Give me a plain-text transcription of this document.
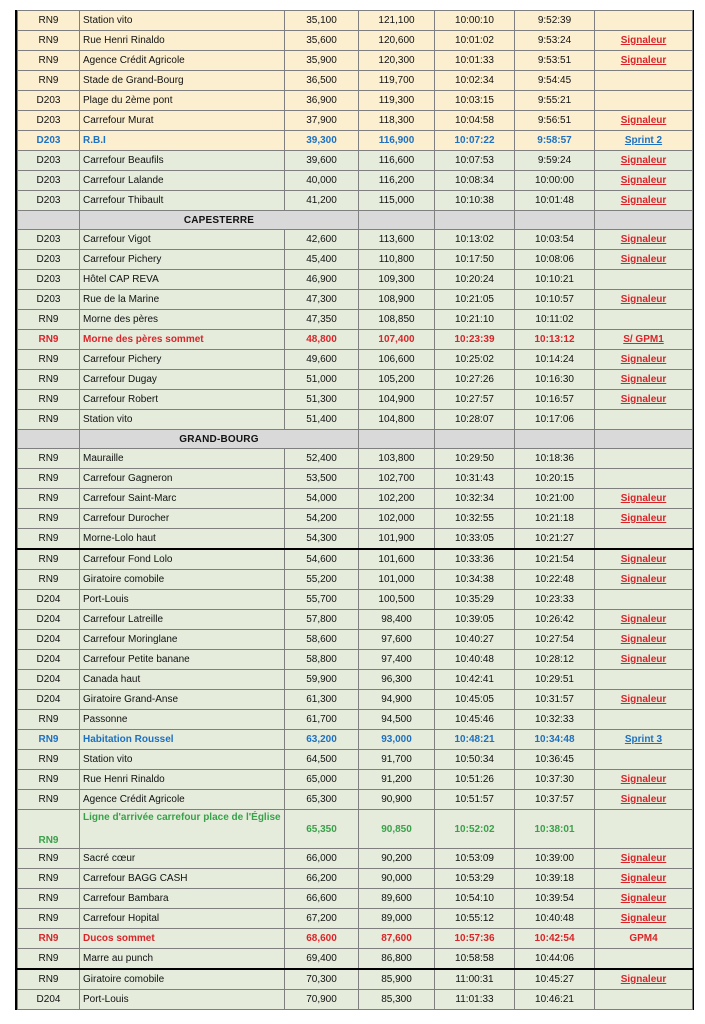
RN9	Station vito	35,100	121,100	10:00:10	9:52:39	
RN9	Rue Henri Rinaldo	35,600	120,600	10:01:02	9:53:24	Signaleur
RN9	Agence Crédit Agricole	35,900	120,300	10:01:33	9:53:51	Signaleur
RN9	Stade de Grand-Bourg	36,500	119,700	10:02:34	9:54:45	
D203	Plage du 2ème pont	36,900	119,300	10:03:15	9:55:21	
D203	Carrefour Murat	37,900	118,300	10:04:58	9:56:51	Signaleur
D203	R.B.I	39,300	116,900	10:07:22	9:58:57	Sprint 2
D203	Carrefour Beaufils	39,600	116,600	10:07:53	9:59:24	Signaleur
D203	Carrefour Lalande	40,000	116,200	10:08:34	10:00:00	Signaleur
D203	Carrefour Thibault	41,200	115,000	10:10:38	10:01:48	Signaleur
	CAPESTERRE					
D203	Carrefour Vigot	42,600	113,600	10:13:02	10:03:54	Signaleur
D203	Carrefour Pichery	45,400	110,800	10:17:50	10:08:06	Signaleur
D203	Hôtel CAP REVA	46,900	109,300	10:20:24	10:10:21	
D203	Rue de la Marine	47,300	108,900	10:21:05	10:10:57	Signaleur
RN9	Morne des pères	47,350	108,850	10:21:10	10:11:02	
RN9	Morne des pères sommet	48,800	107,400	10:23:39	10:13:12	S/ GPM1
RN9	Carrefour Pichery	49,600	106,600	10:25:02	10:14:24	Signaleur
RN9	Carrefour Dugay	51,000	105,200	10:27:26	10:16:30	Signaleur
RN9	Carrefour Robert	51,300	104,900	10:27:57	10:16:57	Signaleur
RN9	Station vito	51,400	104,800	10:28:07	10:17:06	
	GRAND-BOURG					
RN9	Mauraille	52,400	103,800	10:29:50	10:18:36	
RN9	Carrefour Gagneron	53,500	102,700	10:31:43	10:20:15	
RN9	Carrefour Saint-Marc	54,000	102,200	10:32:34	10:21:00	Signaleur
RN9	Carrefour Durocher	54,200	102,000	10:32:55	10:21:18	Signaleur
RN9	Morne-Lolo haut	54,300	101,900	10:33:05	10:21:27	
RN9	Carrefour Fond Lolo	54,600	101,600	10:33:36	10:21:54	Signaleur
RN9	Giratoire comobile	55,200	101,000	10:34:38	10:22:48	Signaleur
D204	Port-Louis	55,700	100,500	10:35:29	10:23:33	
D204	Carrefour Latreille	57,800	98,400	10:39:05	10:26:42	Signaleur
D204	Carrefour Moringlane	58,600	97,600	10:40:27	10:27:54	Signaleur
D204	Carrefour Petite banane	58,800	97,400	10:40:48	10:28:12	Signaleur
D204	Canada haut	59,900	96,300	10:42:41	10:29:51	
D204	Giratoire Grand-Anse	61,300	94,900	10:45:05	10:31:57	Signaleur
RN9	Passonne	61,700	94,500	10:45:46	10:32:33	
RN9	Habitation Roussel	63,200	93,000	10:48:21	10:34:48	Sprint 3
RN9	Station vito	64,500	91,700	10:50:34	10:36:45	
RN9	Rue Henri Rinaldo	65,000	91,200	10:51:26	10:37:30	Signaleur
RN9	Agence Crédit Agricole	65,300	90,900	10:51:57	10:37:57	Signaleur
RN9	Ligne d'arrivée carrefour place de l'Église	65,350	90,850	10:52:02	10:38:01	
RN9	Sacré cœur	66,000	90,200	10:53:09	10:39:00	Signaleur
RN9	Carrefour BAGG CASH	66,200	90,000	10:53:29	10:39:18	Signaleur
RN9	Carrefour Bambara	66,600	89,600	10:54:10	10:39:54	Signaleur
RN9	Carrefour Hopital	67,200	89,000	10:55:12	10:40:48	Signaleur
RN9	Ducos sommet	68,600	87,600	10:57:36	10:42:54	GPM4
RN9	Marre au punch	69,400	86,800	10:58:58	10:44:06	
RN9	Giratoire comobile	70,300	85,900	11:00:31	10:45:27	Signaleur
D204	Port-Louis	70,900	85,300	11:01:33	10:46:21	
